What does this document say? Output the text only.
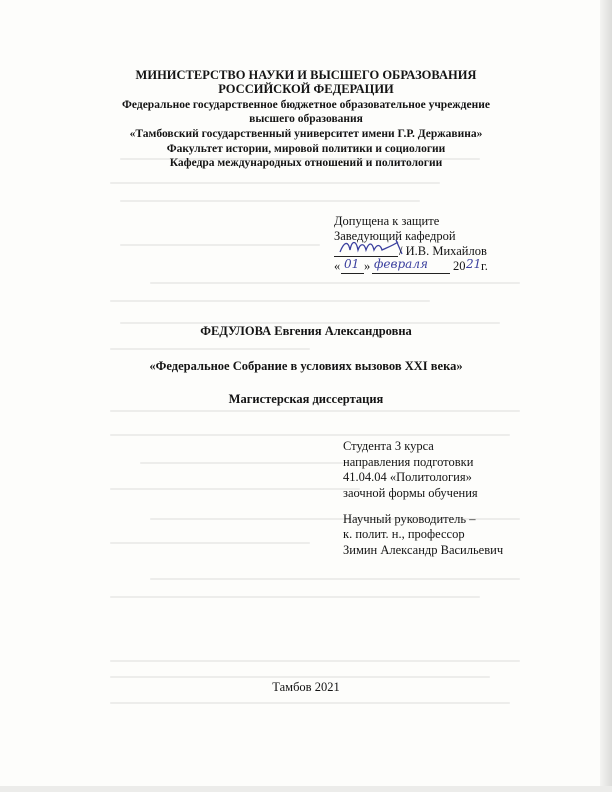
МИНИСТЕРСТВО НАУКИ И ВЫСШЕГО ОБРАЗОВАНИЯ
РОССИЙСКОЙ ФЕДЕРАЦИИ
Федеральное государственное бюджетное образовательное учреждение
высшего образования
«Тамбовский государственный университет имени Г.Р. Державина»
Факультет истории, мировой политики и социологии
Кафедра международных отношений и политологии
Допущена к защите
Заведующий кафедрой
/ И.В. Михайлов
« 01 » февраля 20 21 г.
ФЕДУЛОВА Евгения Александровна
«Федеральное Собрание в условиях вызовов XXI века»
Магистерская диссертация
Студента 3 курса
направления подготовки
41.04.04 «Политология»
заочной формы обучения
Научный руководитель –
к. полит. н., профессор
Зимин Александр Васильевич
Тамбов 2021
